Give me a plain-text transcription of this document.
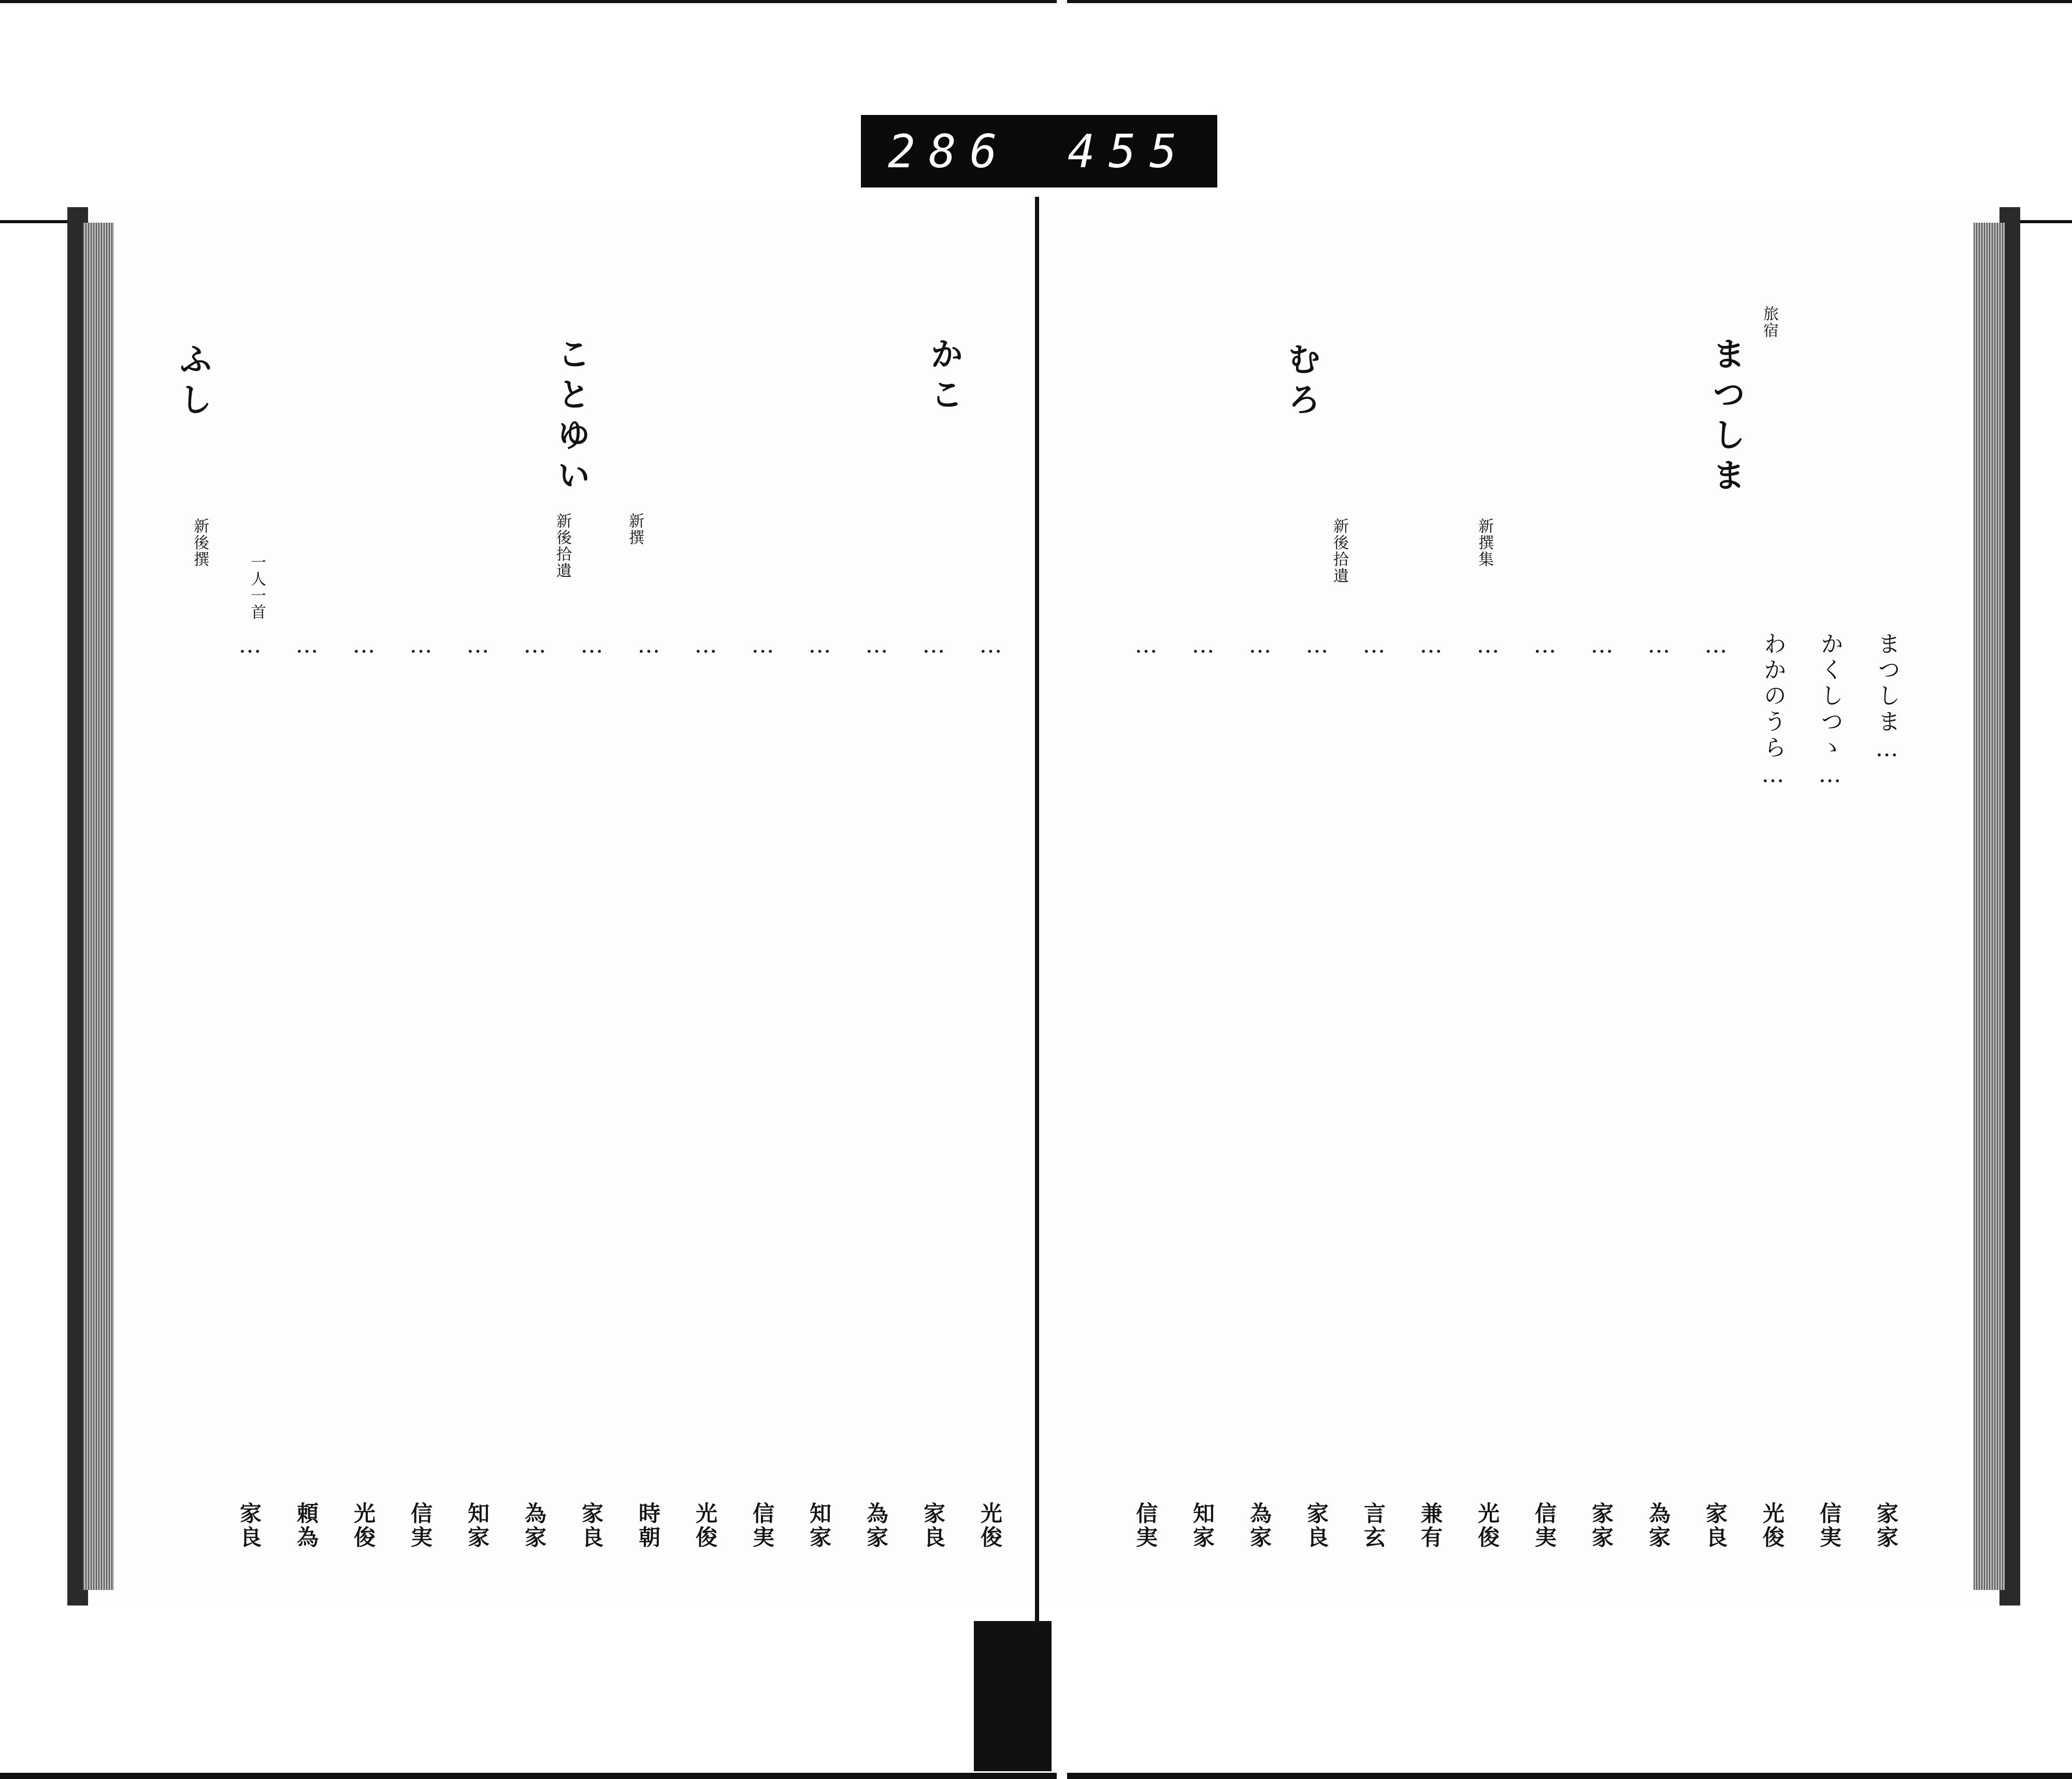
286 455
かこ
ことゆい
ふし
新撰
新後拾遺
一人一首
新後撰
…
光俊
…
家良
…
為家
…
知家
…
信実
…
光俊
…
時朝
…
家良
…
為家
…
知家
…
信実
…
光俊
…
頼為
…
家良
旅宿
まつしま
むろ
新撰集
新後拾遺
まつしま…
家家
かくしつゝ…
信実
わかのうら…
光俊
…
家良
…
為家
…
家家
…
信実
…
光俊
…
兼有
…
言玄
…
家良
…
為家
…
知家
…
信実
